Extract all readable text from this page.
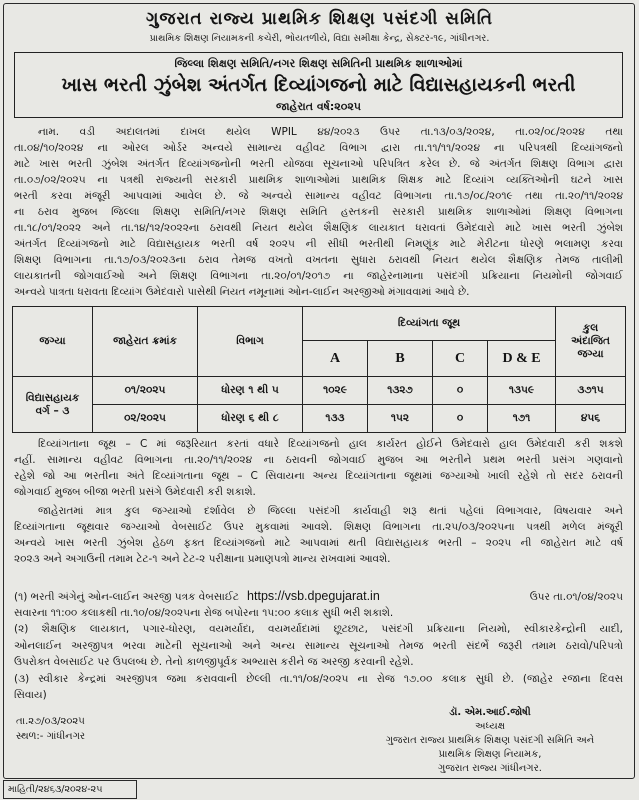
ગુજરાત રાજ્ય પ્રાથમિક શિક્ષણ પસંદગી સમિતિ
પ્રાથમિક શિક્ષણ નિયામકની કચેરી, ભોયતળીયે, વિદ્યા સમીક્ષા કેન્દ્ર, સેક્ટર-૧૯, ગાંધીનગર.
જિલ્લા શિક્ષણ સમિતિ/નગર શિક્ષણ સમિતિની પ્રાથમિક શાળાઓમાં
ખાસ ભરતી ઝુંબેશ અંતર્ગત દિવ્યાંગજનો માટે વિદ્યાસહાયકની ભરતી
જાહેરાત વર્ષ:૨૦૨૫
નામ. વડી અદાલતમાં દાખલ થયેલ WPIL ૪૪/૨૦૨૩ ઉપર તા.૧૩/૦૩/૨૦૨૪, તા.૦૨/૦૮/૨૦૨૪ તથા
તા.૦૪/૧૦/૨૦૨૪ ના ઓરલ ઓર્ડર અન્વયે સામાન્ય વહીવટ વિભાગ દ્વારા તા.૧૧/૧૧/૨૦૨૪ ના પરિપત્રથી દિવ્યાંગજનો
માટે ખાસ ભરતી ઝુંબેશ અંતર્ગત દિવ્યાંગજનોની ભરતી યોજવા સૂચનાઓ પરિપત્રિત કરેલ છે. જે અંતર્ગત શિક્ષણ વિભાગ દ્વારા
તા.૦૭/૦૨/૨૦૨૫ ના પત્રથી રાજ્યની સરકારી પ્રાથમિક શાળાઓમાં પ્રાથમિક શિક્ષક માટે દિવ્યાંગ વ્યક્તિઓની ઘટને ખાસ
ભરતી કરવા મંજૂરી આપવામાં આવેલ છે. જે અન્વયે સામાન્ય વહીવટ વિભાગના તા.૧૭/૦૮/૨૦૧૯ તથા તા.૨૦/૧૧/૨૦૨૪
ના ઠરાવ મુજબ જિલ્લા શિક્ષણ સમિતિ/નગર શિક્ષણ સમિતિ હસ્તકની સરકારી પ્રાથમિક શાળાઓમાં શિક્ષણ વિભાગના
તા.૧૮/૦૧/૨૦૨૨ અને તા.૧૪/૧૨/૨૦૨૨ના ઠરાવથી નિયત થયેલ શૈક્ષણિક લાયકાત ધરાવતાં ઉમેદવારો માટે ખાસ ભરતી ઝુંબેશ
અંતર્ગત દિવ્યાંગજનો માટે વિદ્યાસહાયક ભરતી વર્ષ ૨૦૨૫ ની સીધી ભરતીથી નિમણૂંક માટે મેરીટના ધોરણે ભલામણ કરવા
શિક્ષણ વિભાગના તા.૧૭/૦૩/૨૦૨૩ના ઠરાવ તેમજ વખતો વખતના સુધારા ઠરાવથી નિયત થયેલ શૈક્ષણિક તેમજ તાલીમી
લાયકાતની જોગવાઈઓ અને શિક્ષણ વિભાગના તા.૨૦/૦૧/૨૦૧૭ ના જાહેરનામાના પસંદગી પ્રક્રિયાના નિયમોની જોગવાઈ
અન્વયે પાત્રતા ધરાવતા દિવ્યાંગ ઉમેદવારો પાસેથી નિયત નમૂનામાં ઓન-લાઈન અરજીઓ મંગાવવામાં આવે છે.
જગ્યા	જાહેરાત ક્રમાંક	વિભાગ	દિવ્યાંગતા જૂથ				કુલ
અંદાજિત
જગ્યા

			A	B	C	D & E	

વિદ્યાસહાયક
વર્ગ – ૩	૦૧/૨૦૨૫	ધોરણ ૧ થી ૫	૧૦૨૯	૧૩૨૭	૦	૧૩૫૯	૩૭૧૫
	૦૨/૨૦૨૫	ધોરણ ૬ થી ૮	૧૩૩	૧૫૨	૦	૧૭૧	૪૫૬
દિવ્યાંગતાના જૂથ – C માં જરૂરિયાત કરતાં વધારે દિવ્યાંગજનો હાલ કાર્યરત હોઈને ઉમેદવારો હાલ ઉમેદવારી કરી શકશે
નહીં. સામાન્ય વહીવટ વિભાગના તા.૨૦/૧૧/૨૦૨૪ ના ઠરાવની જોગવાઈ મુજબ આ ભરતીને પ્રથમ ભરતી પ્રસંગ ગણવાનો
રહેશે જો આ ભરતીના અંતે દિવ્યાંગતાના જૂથ – C સિવાયના અન્ય દિવ્યાંગતાના જૂથમાં જગ્યાઓ ખાલી રહેશે તો સદર ઠરાવની
જોગવાઈ મુજબ બીજા ભરતી પ્રસંગે ઉમેદવારી કરી શકાશે.
જાહેરાતમાં માત્ર કુલ જગ્યાઓ દર્શાવેલ છે જિલ્લા પસંદગી કાર્યવાહી શરૂ થતાં પહેલાં વિભાગવાર, વિષયવાર અને
દિવ્યાંગતાના જૂથવાર જગ્યાઓ વેબસાઈટ ઉપર મુકવામાં આવશે. શિક્ષણ વિભાગના તા.૨૫/૦૩/૨૦૨૫ના પત્રથી મળેલ મંજૂરી
અન્વયે ખાસ ભરતી ઝુંબેશ હેઠળ ફક્ત દિવ્યાંગજનો માટે આપવામાં થતી વિદ્યાસહાયક ભરતી – ૨૦૨૫ ની જાહેરાત માટે વર્ષ
૨૦૨૩ અને અગાઉની તમામ ટેટ-૧ અને ટેટ-૨ પરીક્ષાના પ્રમાણપત્રો માન્ય રાખવામાં આવશે.
(૧) ભરતી અંગેનું ઓન-લાઈન અરજી પત્રક વેબસાઈટ https://vsb.dpegujarat.in	ઉપર તા.૦૧/૦૪/૨૦૨૫
સવારના ૧૧:૦૦ કલાકથી તા.૧૦/૦૪/૨૦૨૫ના રોજ બપોરના ૧૫:૦૦ કલાક સુધી ભરી શકાશે.
(૨) શૈક્ષણિક લાયકાત, પગાર-ધોરણ, વયમર્યાદા, વયમર્યાદામાં છૂટછાટ, પસંદગી પ્રક્રિયાના નિયમો, સ્વીકારકેન્દ્રોની યાદી,
ઓનલાઈન અરજીપત્ર ભરવા માટેની સૂચનાઓ અને અન્ય સામાન્ય સૂચનાઓ તેમજ ભરતી સંદર્ભે જરૂરી તમામ ઠરાવો/પરિપત્રો
ઉપરોક્ત વેબસાઈટ પર ઉપલબ્ધ છે. તેનો કાળજીપૂર્વક અભ્યાસ કરીને જ અરજી કરવાની રહેશે.
(૩) સ્વીકાર કેન્દ્રમાં અરજીપત્ર જમા કરાવવાની છેલ્લી તા.૧૧/૦૪/૨૦૨૫ ના રોજ ૧૭.૦૦ કલાક સુધી છે. (જાહેર રજાના દિવસ
સિવાય)
તા.૨૭/૦૩/૨૦૨૫
સ્થળ:- ગાંધીનગર
ડૉ. એમ.આઈ.જોષી
અધ્યક્ષ
ગુજરાત રાજ્ય પ્રાથમિક શિક્ષણ પસંદગી સમિતિ અને
પ્રાથમિક શિક્ષણ નિયામક,
ગુજરાત રાજ્ય ગાંધીનગર.
માહિતી/૨૪૬૩/૨૦૨૪-૨૫
